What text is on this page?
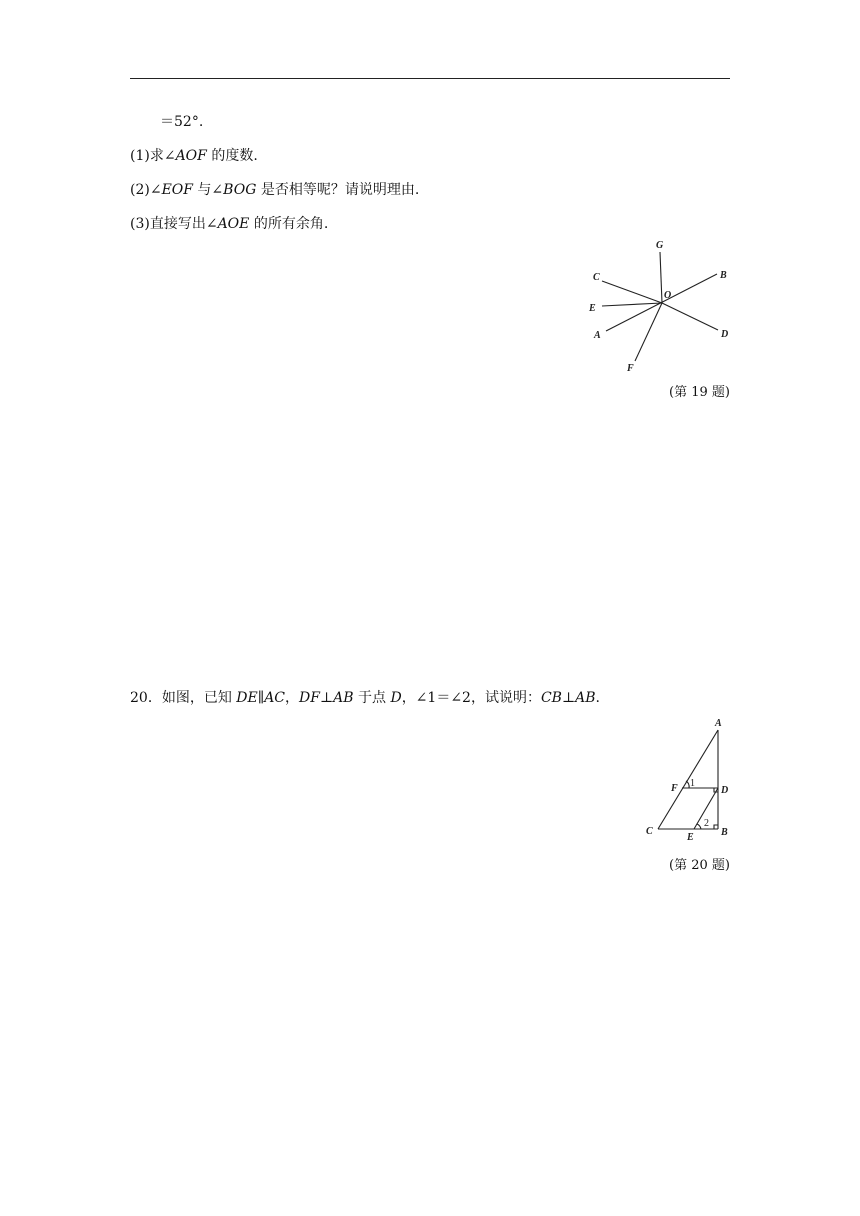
＝52°.
(1)求∠AOF 的度数.
(2)∠EOF 与∠BOG 是否相等呢？请说明理由.
(3)直接写出∠AOE 的所有余角.
G
B
C
O
E
D
A
F
(第 19 题)
20．如图，已知 DE∥AC，DF⊥AB 于点 D，∠1＝∠2，试说明：CB⊥AB.
A
F 1
D
2
C
E	B
(第 20 题)
